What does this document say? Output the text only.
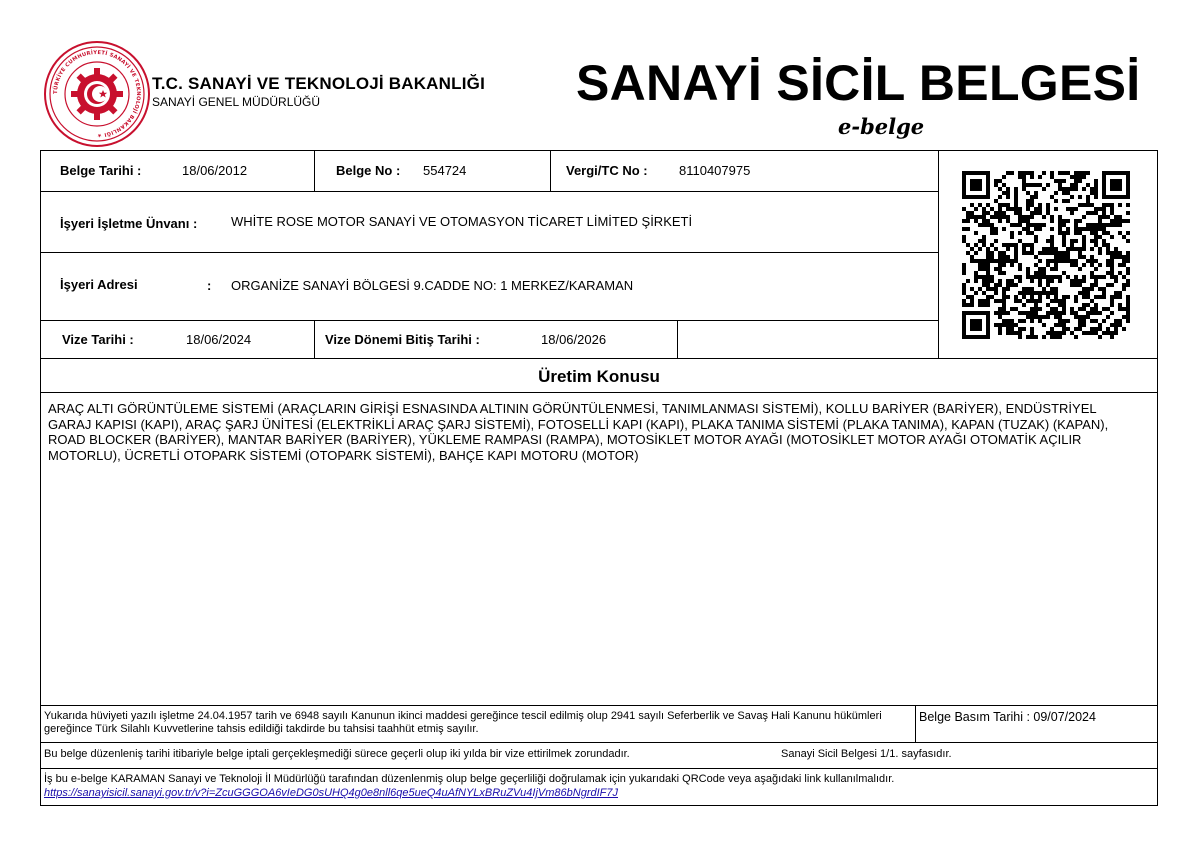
TÜRKİYE CUMHURİYETİ SANAYİ VE TEKNOLOJİ BAKANLIĞI ★
T.C. SANAYİ VE TEKNOLOJİ BAKANLIĞI
SANAYİ GENEL MÜDÜRLÜĞÜ	SANAYİ SİCİL BELGESİ
e-belge
Belge Tarihi :	18/06/2012	Belge No : 554724	Vergi/TC No : 8110407975
İşyeri İşletme Ünvanı :	WHİTE ROSE MOTOR SANAYİ VE OTOMASYON TİCARET LİMİTED ŞİRKETİ
İşyeri Adresi	: ORGANİZE SANAYİ BÖLGESİ 9.CADDE NO: 1 MERKEZ/KARAMAN
Vize Tarihi :	18/06/2024	Vize Dönemi Bitiş Tarihi :	18/06/2026
Üretim Konusu
ARAÇ ALTI GÖRÜNTÜLEME SİSTEMİ (ARAÇLARIN GİRİŞİ ESNASINDA ALTININ GÖRÜNTÜLENMESİ, TANIMLANMASI SİSTEMİ), KOLLU BARİYER (BARİYER), ENDÜSTRİYEL GARAJ KAPISI (KAPI), ARAÇ ŞARJ ÜNİTESİ (ELEKTRİKLİ ARAÇ ŞARJ SİSTEMİ), FOTOSELLİ KAPI (KAPI), PLAKA TANIMA SİSTEMİ (PLAKA TANIMA), KAPAN (TUZAK) (KAPAN), ROAD BLOCKER (BARİYER), MANTAR BARİYER (BARİYER), YÜKLEME RAMPASI (RAMPA), MOTOSİKLET MOTOR AYAĞI (MOTOSİKLET MOTOR AYAĞI OTOMATİK AÇILIR MOTORLU), ÜCRETLİ OTOPARK SİSTEMİ (OTOPARK SİSTEMİ), BAHÇE KAPI MOTORU (MOTOR)
Yukarıda hüviyeti yazılı işletme 24.04.1957 tarih ve 6948 sayılı Kanunun ikinci maddesi gereğince tescil edilmiş olup 2941 sayılı Seferberlik ve Savaş Hali Kanunu hükümleri gereğince Türk Silahlı Kuvvetlerine tahsis edildiği takdirde bu tahsisi taahhüt etmiş sayılır.
Belge Basım Tarihi : 09/07/2024
Bu belge düzenleniş tarihi itibariyle belge iptali gerçekleşmediği sürece geçerli olup iki yılda bir vize ettirilmek zorundadır.	Sanayi Sicil Belgesi 1/1. sayfasıdır.
İş bu e-belge KARAMAN Sanayi ve Teknoloji İl Müdürlüğü tarafından düzenlenmiş olup belge geçerliliği doğrulamak için yukarıdaki QRCode veya aşağıdaki link kullanılmalıdır.
https://sanayisicil.sanayi.gov.tr/v?i=ZcuGGGOA6vIeDG0sUHQ4g0e8nll6qe5ueQ4uAfNYLxBRuZVu4IjVm86bNgrdIF7J
